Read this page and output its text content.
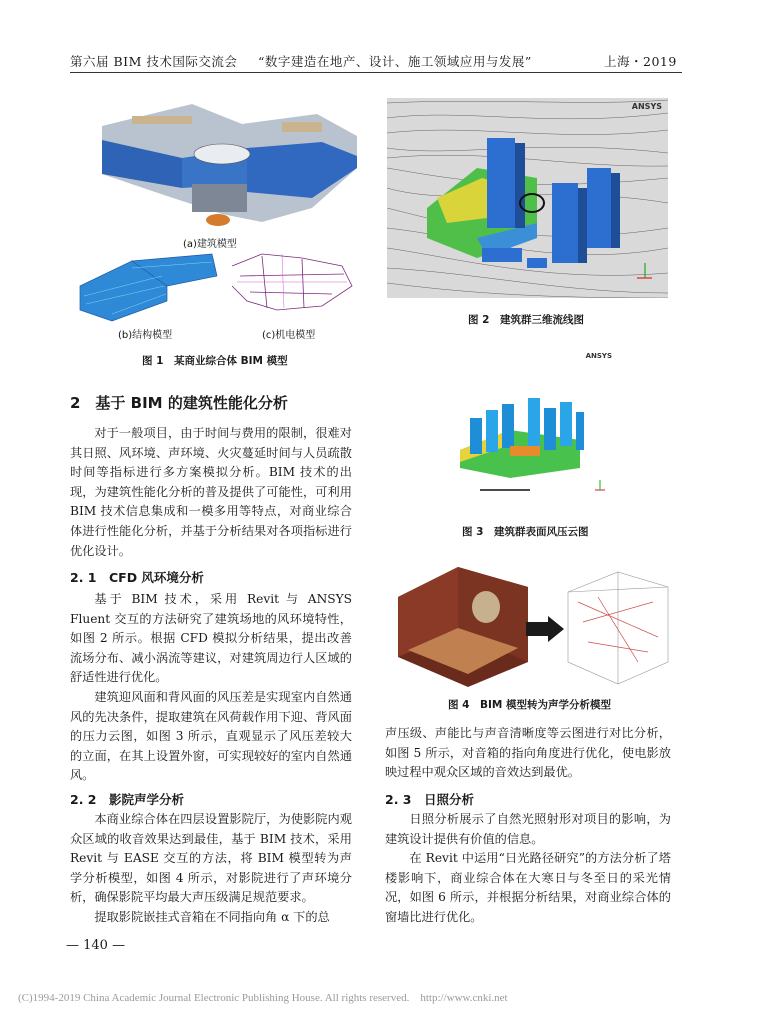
第六届 BIM 技术国际交流会 “数字建造在地产、设计、施工领域应用与发展”	上海・2019
(a)建筑模型
(b)结构模型	(c)机电模型
图 1　某商业综合体 BIM 模型
ANSYS
图 2　建筑群三维流线图
ANSYS
图 3　建筑群表面风压云图
图 4　BIM 模型转为声学分析模型
2　基于 BIM 的建筑性能化分析

对于一般项目，由于时间与费用的限制，很难对其日照、风环境、声环境、火灾蔓延时间与人员疏散时间等指标进行多方案模拟分析。BIM 技术的出现，为建筑性能化分析的普及提供了可能性，可利用 BIM 技术信息集成和一模多用等特点，对商业综合体进行性能化分析，并基于分析结果对各项指标进行优化设计。

2. 1　CFD 风环境分析

基于 BIM 技术，采用 Revit 与 ANSYS Fluent 交互的方法研究了建筑场地的风环境特性，如图 2 所示。根据 CFD 模拟分析结果，提出改善流场分布、减小涡流等建议，对建筑周边行人区域的舒适性进行优化。

建筑迎风面和背风面的风压差是实现室内自然通风的先决条件，提取建筑在风荷载作用下迎、背风面的压力云图，如图 3 所示，直观显示了风压差较大的立面，在其上设置外窗，可实现较好的室内自然通风。

2. 2　影院声学分析

本商业综合体在四层设置影院厅，为使影院内观众区域的收音效果达到最佳，基于 BIM 技术，采用 Revit 与 EASE 交互的方法，将 BIM 模型转为声学分析模型，如图 4 所示，对影院进行了声环境分析，确保影院平均最大声压级满足规范要求。

提取影院嵌挂式音箱在不同指向角 α 下的总

声压级、声能比与声音清晰度等云图进行对比分析，如图 5 所示，对音箱的指向角度进行优化，使电影放映过程中观众区域的音效达到最优。

2. 3　日照分析

日照分析展示了自然光照射形对项目的影响，为建筑设计提供有价值的信息。

在 Revit 中运用“日光路径研究”的方法分析了塔楼影响下，商业综合体在大寒日与冬至日的采光情况，如图 6 所示，并根据分析结果，对商业综合体的窗墙比进行优化。

— 140 —
(C)1994-2019 China Academic Journal Electronic Publishing House. All rights reserved.　http://www.cnki.net
